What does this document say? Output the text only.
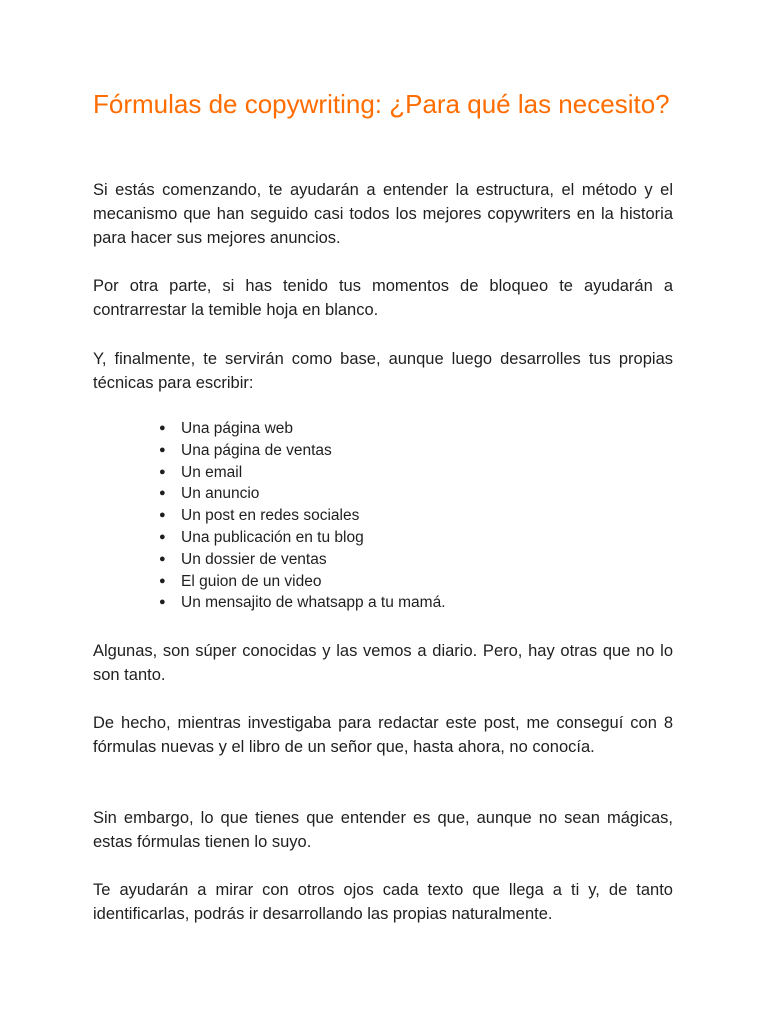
Fórmulas de copywriting: ¿Para qué las necesito?

Si estás comenzando, te ayudarán a entender la estructura, el método y el mecanismo que han seguido casi todos los mejores copywriters en la historia para hacer sus mejores anuncios.

Por otra parte, si has tenido tus momentos de bloqueo te ayudarán a contrarrestar la temible hoja en blanco.

Y, finalmente, te servirán como base, aunque luego desarrolles tus propias técnicas para escribir:

● Una página web
● Una página de ventas
● Un email
● Un anuncio
● Un post en redes sociales
● Una publicación en tu blog
● Un dossier de ventas
● El guion de un video
● Un mensajito de whatsapp a tu mamá.

Algunas, son súper conocidas y las vemos a diario. Pero, hay otras que no lo son tanto.

De hecho, mientras investigaba para redactar este post, me conseguí con 8 fórmulas nuevas y el libro de un señor que, hasta ahora, no conocía.

Sin embargo, lo que tienes que entender es que, aunque no sean mágicas, estas fórmulas tienen lo suyo.

Te ayudarán a mirar con otros ojos cada texto que llega a ti y, de tanto identificarlas, podrás ir desarrollando las propias naturalmente.
